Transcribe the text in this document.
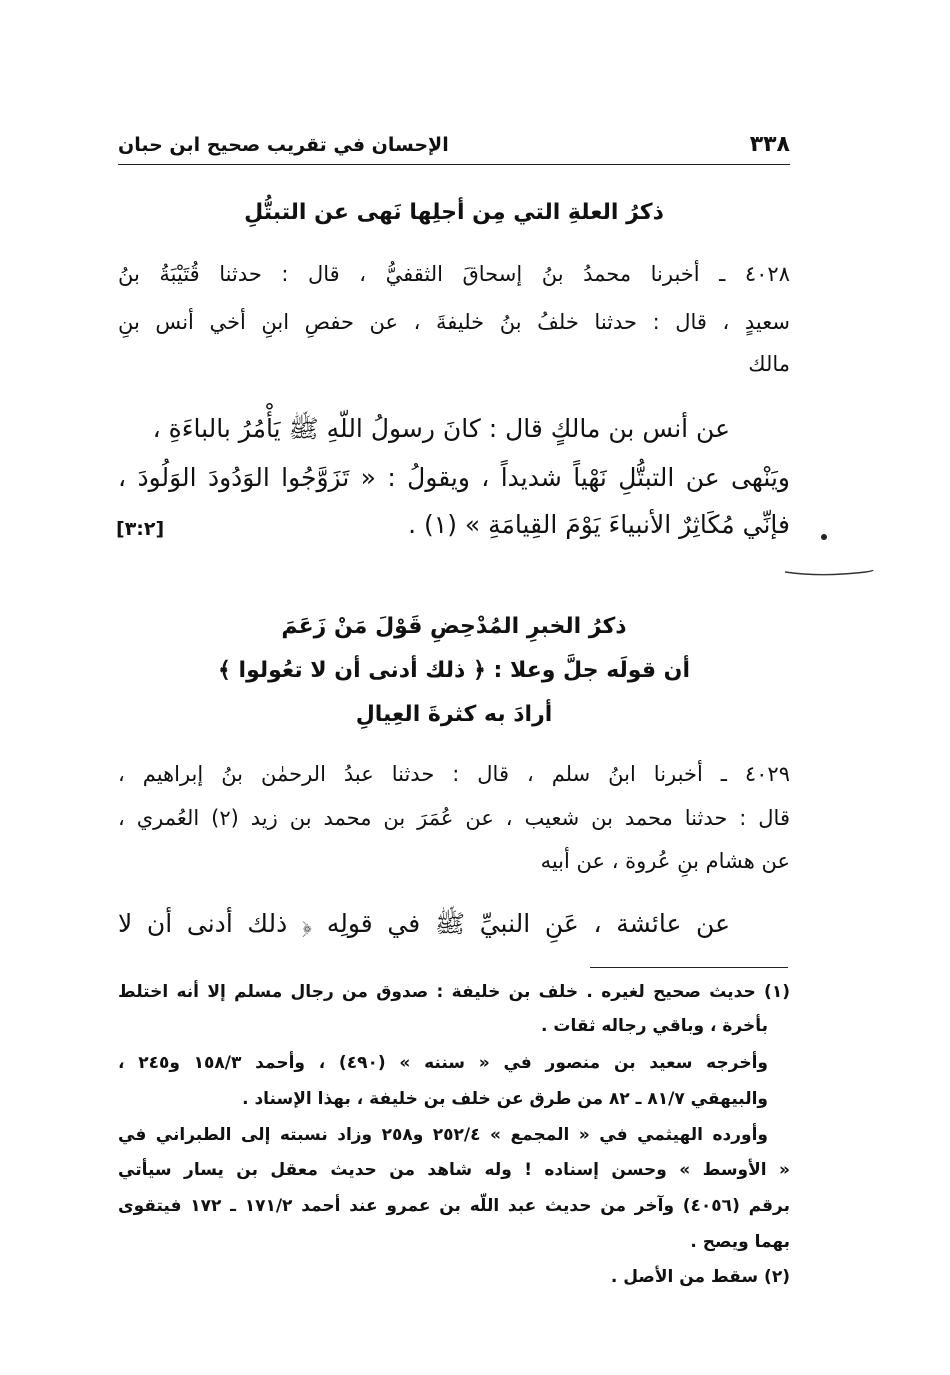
٣٣٨
الإحسان في تقريب صحيح ابن حبان
ذكرُ العلةِ التي مِن أجلِها نَهى عن التبتُّلِ
٤٠٢٨ ـ أخبرنا محمدُ بنُ إسحاقَ الثقفيُّ ، قال : حدثنا قُتَيْبَةُ بنُ
سعيدٍ ، قال : حدثنا خلفُ بنُ خليفةَ ، عن حفصِ ابنِ أخي أنس بنِ
مالك
عن أنس بن مالكٍ قال : كانَ رسولُ اللّهِ ﷺ يَأْمُرُ بالباءَةِ ،
ويَنْهى عن التبتُّلِ نَهْياً شديداً ، ويقولُ : « تَزَوَّجُوا الوَدُودَ الوَلُودَ ،
فإنِّي مُكَاثِرٌ الأنبياءَ يَوْمَ القِيامَةِ » (١) .
[٣:٢]
ذكرُ الخبرِ المُدْحِضِ قَوْلَ مَنْ زَعَمَ
أن قولَه جلَّ وعلا : ﴿ ذلك أدنى أن لا تعُولوا ﴾
أرادَ به كثرةَ العِيالِ
٤٠٢٩ ـ أخبرنا ابنُ سلم ، قال : حدثنا عبدُ الرحمٰن بنُ إبراهيم ،
قال : حدثنا محمد بن شعيب ، عن عُمَرَ بن محمد بن زيد (٢) العُمري ،
عن هشام بنِ عُروة ، عن أبيه
عن عائشة ، عَنِ النبيِّ ﷺ في قولِه ﴿ ذلك أدنى أن لا
(١) حديث صحيح لغيره . خلف بن خليفة : صدوق من رجال مسلم إلا أنه اختلط
بأخرة ، وباقي رجاله ثقات .
وأخرجه سعيد بن منصور في « سننه » (٤٩٠) ، وأحمد ١٥٨/٣ و٢٤٥ ،
والبيهقي ٨١/٧ ـ ٨٢ من طرق عن خلف بن خليفة ، بهذا الإسناد .
وأورده الهيثمي في « المجمع » ٢٥٢/٤ و٢٥٨ وزاد نسبته إلى الطبراني في
« الأوسط » وحسن إسناده ! وله شاهد من حديث معقل بن يسار سيأتي
برقم (٤٠٥٦) وآخر من حديث عبد اللّه بن عمرو عند أحمد ١٧١/٢ ـ ١٧٢ فيتقوى
بهما ويصح .
(٢) سقط من الأصل .
